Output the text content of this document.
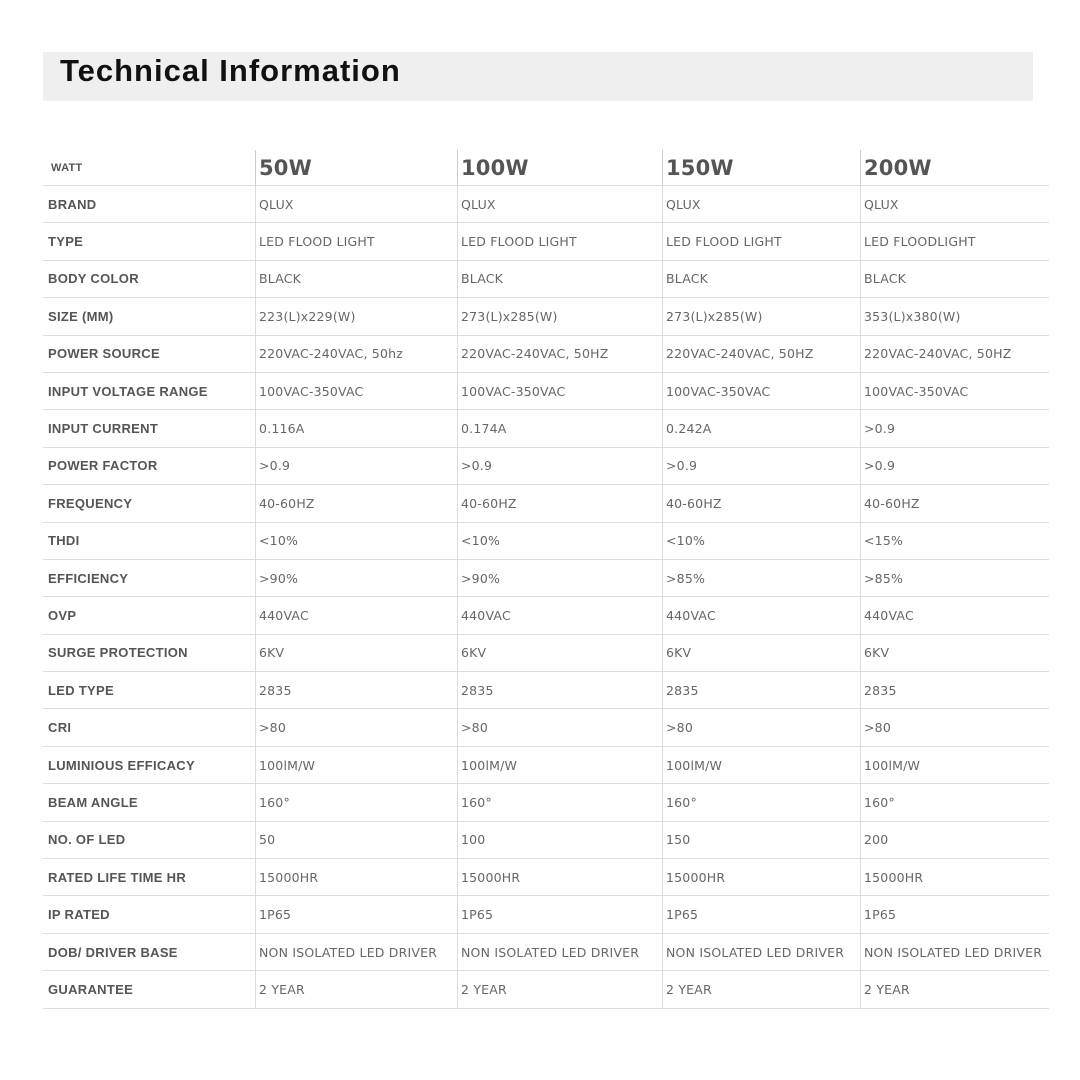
Technical Information
WATT	50W	100W	150W	200W
BRAND	QLUX	QLUX	QLUX	QLUX
TYPE	LED FLOOD LIGHT	LED FLOOD LIGHT	LED FLOOD LIGHT	LED FLOODLIGHT
BODY COLOR	BLACK	BLACK	BLACK	BLACK
SIZE (MM)	223(L)x229(W)	273(L)x285(W)	273(L)x285(W)	353(L)x380(W)
POWER SOURCE	220VAC-240VAC, 50hz	220VAC-240VAC, 50HZ	220VAC-240VAC, 50HZ	220VAC-240VAC, 50HZ
INPUT VOLTAGE RANGE	100VAC-350VAC	100VAC-350VAC	100VAC-350VAC	100VAC-350VAC
INPUT CURRENT	0.116A	0.174A	0.242A	>0.9
POWER FACTOR	>0.9	>0.9	>0.9	>0.9
FREQUENCY	40-60HZ	40-60HZ	40-60HZ	40-60HZ
THDI	<10%	<10%	<10%	<15%
EFFICIENCY	>90%	>90%	>85%	>85%
OVP	440VAC	440VAC	440VAC	440VAC
SURGE PROTECTION	6KV	6KV	6KV	6KV
LED TYPE	2835	2835	2835	2835
CRI	>80	>80	>80	>80
LUMINIOUS EFFICACY	100lM/W	100lM/W	100lM/W	100lM/W
BEAM ANGLE	160°	160°	160°	160°
NO. OF LED	50	100	150	200
RATED LIFE TIME HR	15000HR	15000HR	15000HR	15000HR
IP RATED	1P65	1P65	1P65	1P65
DOB/ DRIVER BASE	NON ISOLATED LED DRIVER	NON ISOLATED LED DRIVER	NON ISOLATED LED DRIVER	NON ISOLATED LED DRIVER
GUARANTEE	2 YEAR	2 YEAR	2 YEAR	2 YEAR
